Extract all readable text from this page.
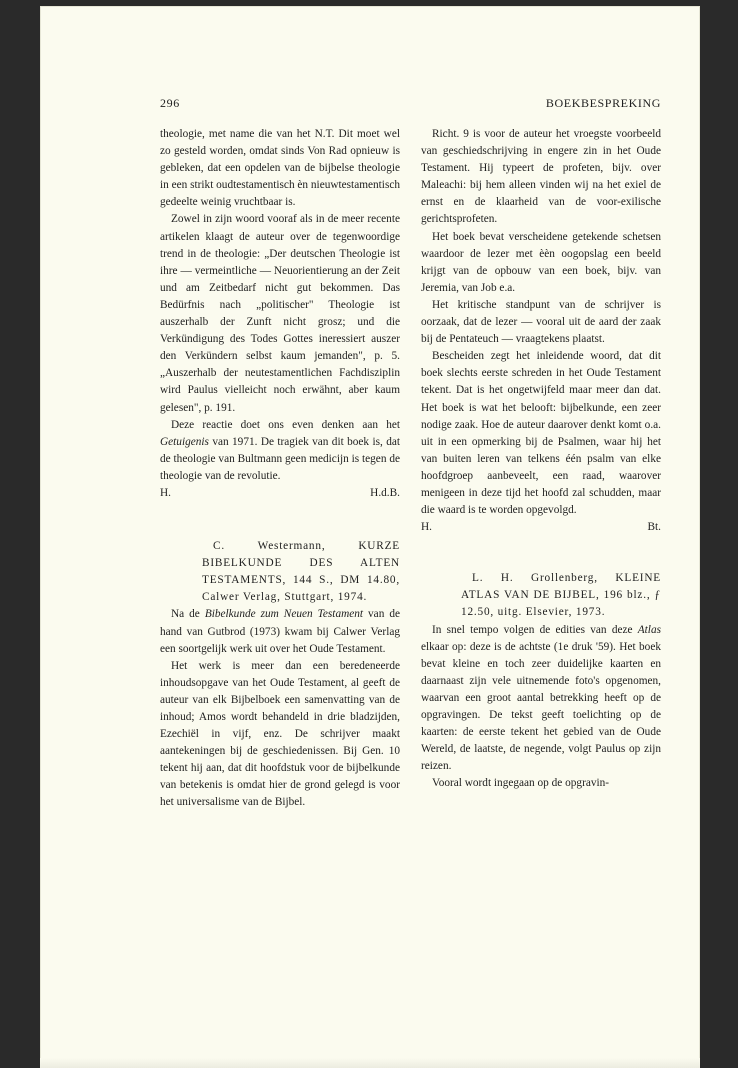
296	BOEKBESPREKING

theologie, met name die van het N.T. Dit moet wel zo gesteld worden, omdat sinds Von Rad opnieuw is gebleken, dat een opdelen van de bijbelse theologie in een strikt oudtestamentisch èn nieuwtestamentisch gedeelte weinig vruchtbaar is.

Zowel in zijn woord vooraf als in de meer recente artikelen klaagt de auteur over de tegenwoordige trend in de theologie: „Der deutschen Theologie ist ihre — vermeintliche — Neuorientierung an der Zeit und am Zeitbedarf nicht gut bekommen. Das Bedürfnis nach „politischer" Theologie ist auszerhalb der Zunft nicht grosz; und die Verkündigung des Todes Gottes ineressiert auszer den Verkündern selbst kaum jemanden", p. 5. „Auszerhalb der neutestamentlichen Fachdisziplin wird Paulus vielleicht noch erwähnt, aber kaum gelesen", p. 191.

Deze reactie doet ons even denken aan het Getuigenis van 1971. De tragiek van dit boek is, dat de theologie van Bultmann geen medicijn is tegen de theologie van de revolutie.

H.	H.d.B.

C. Westermann, KURZE BIBELKUNDE DES ALTEN TESTAMENTS, 144 S., DM 14.80, Calwer Verlag, Stuttgart, 1974.

Na de Bibelkunde zum Neuen Testament van de hand van Gutbrod (1973) kwam bij Calwer Verlag een soortgelijk werk uit over het Oude Testament.

Het werk is meer dan een beredeneerde inhoudsopgave van het Oude Testament, al geeft de auteur van elk Bijbelboek een samenvatting van de inhoud; Amos wordt behandeld in drie bladzijden, Ezechiël in vijf, enz. De schrijver maakt aantekeningen bij de geschiedenissen. Bij Gen. 10 tekent hij aan, dat dit hoofdstuk voor de bijbelkunde van betekenis is omdat hier de grond gelegd is voor het universalisme van de Bijbel.

Richt. 9 is voor de auteur het vroegste voorbeeld van geschiedschrijving in engere zin in het Oude Testament. Hij typeert de profeten, bijv. over Maleachi: bij hem alleen vinden wij na het exiel de ernst en de klaarheid van de voor-exilische gerichtsprofeten.

Het boek bevat verscheidene getekende schetsen waardoor de lezer met èèn oogopslag een beeld krijgt van de opbouw van een boek, bijv. van Jeremia, van Job e.a.

Het kritische standpunt van de schrijver is oorzaak, dat de lezer — vooral uit de aard der zaak bij de Pentateuch — vraagtekens plaatst.

Bescheiden zegt het inleidende woord, dat dit boek slechts eerste schreden in het Oude Testament tekent. Dat is het ongetwijfeld maar meer dan dat. Het boek is wat het belooft: bijbelkunde, een zeer nodige zaak. Hoe de auteur daarover denkt komt o.a. uit in een opmerking bij de Psalmen, waar hij het van buiten leren van telkens één psalm van elke hoofdgroep aanbeveelt, een raad, waarover menigeen in deze tijd het hoofd zal schudden, maar die waard is te worden opgevolgd.

H.	Bt.

L. H. Grollenberg, KLEINE ATLAS VAN DE BIJBEL, 196 blz., ƒ 12.50, uitg. Elsevier, 1973.

In snel tempo volgen de edities van deze Atlas elkaar op: deze is de achtste (1e druk '59). Het boek bevat kleine en toch zeer duidelijke kaarten en daarnaast zijn vele uitnemende foto's opgenomen, waarvan een groot aantal betrekking heeft op de opgravingen. De tekst geeft toelichting op de kaarten: de eerste tekent het gebied van de Oude Wereld, de laatste, de negende, volgt Paulus op zijn reizen.

Vooral wordt ingegaan op de opgravin-
